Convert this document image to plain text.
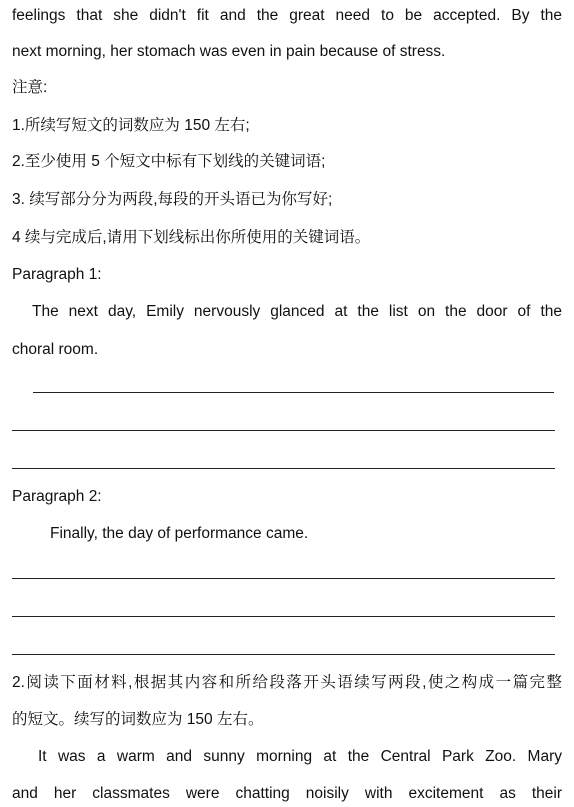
feelings that she didn't fit and the great need to be accepted. By the
next morning, her stomach was even in pain because of stress.
注意:
1.所续写短文的词数应为 150 左右;
2.至少使用 5 个短文中标有下划线的关键词语;
3. 续写部分分为两段,每段的开头语已为你写好;
4 续与完成后,请用下划线标出你所使用的关键词语。
Paragraph 1:
The next day, Emily nervously glanced at the list on the door of the
choral room.
Paragraph 2:
Finally, the day of performance came.
2.阅读下面材料,根据其内容和所给段落开头语续写两段,使之构成一篇完整
的短文。续写的词数应为 150 左右。
It was a warm and sunny morning at the Central Park Zoo. Mary
and her classmates were chatting noisily with excitement as their
